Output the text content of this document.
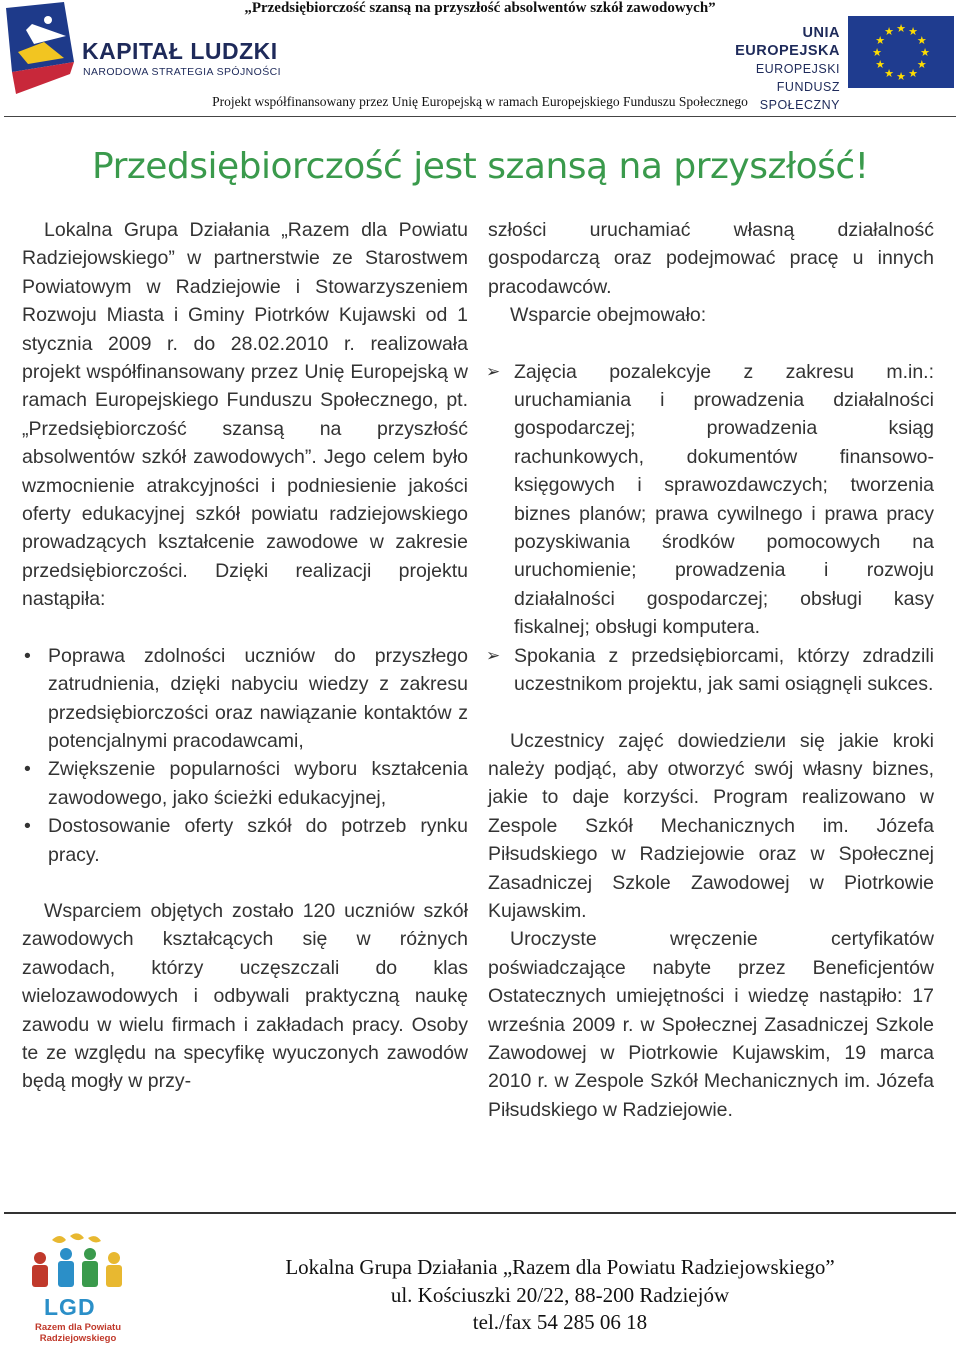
KAPITAŁ LUDZKI
NARODOWA STRATEGIA SPÓJNOŚCI
„Przedsiębiorczość szansą na przyszłość absolwentów szkół zawodowych”
UNIA EUROPEJSKA
EUROPEJSKI
FUNDUSZ SPOŁECZNY
★ ★
★
★
★
★
★
★
★
★
★
★
Projekt współfinansowany przez Unię Europejską w ramach Europejskiego Funduszu Społecznego
Przedsiębiorczość jest szansą na przyszłość!

Lokalna Grupa Działania „Razem dla Powiatu Radziejowskiego” w partnerstwie ze Starostwem Powiatowym w Radziejowie i Stowarzyszeniem Rozwoju Miasta i Gminy Piotrków Kujawski od 1 stycznia 2009 r. do 28.02.2010 r. realizowała projekt współfinansowany przez Unię Europejską w ramach Europejskiego Funduszu Społecznego, pt. „Przedsiębiorczość szansą na przyszłość absolwentów szkół zawodowych”. Jego celem było wzmocnienie atrakcyjności i podniesienie jakości oferty edukacyjnej szkół powiatu radziejowskiego prowadzących kształcenie zawodowe w zakresie przedsiębiorczości. Dzięki realizacji projektu nastąpiła:

Poprawa zdolności uczniów do przyszłego zatrudnienia, dzięki nabyciu wiedzy z zakresu przedsiębiorczości oraz nawiązanie kontaktów z potencjalnymi pracodawcami,
Zwiększenie popularności wyboru kształcenia zawodowego, jako ścieżki edukacyjnej,
Dostosowanie oferty szkół do potrzeb rynku pracy.

Wsparciem objętych zostało 120 uczniów szkół zawodowych kształcących się w różnych zawodach, którzy uczęszczali do klas wielozawodowych i odbywali praktyczną naukę zawodu w wielu firmach i zakładach pracy. Osoby te ze względu na specyfikę wyuczonych zawodów będą mogły w przy-

szłości uruchamiać własną działalność gospodarczą oraz podejmować pracę u innych pracodawców.

Wsparcie obejmowało:

Zajęcia pozalekcyje z zakresu m.in.: uruchamiania i prowadzenia działalności gospodarczej; prowadzenia ksiąg rachunkowych, dokumentów finansowo-księgowych i sprawozdawczych; tworzenia biznes planów; prawa cywilnego i prawa pracy pozyskiwania środków pomocowych na uruchomienie; prowadzenia i rozwoju działalności gospodarczej; obsługi kasy fiskalnej; obsługi komputera.
Spokania z przedsiębiorcami, którzy zdradzili uczestnikom projektu, jak sami osiągnęli sukces.

Uczestnicy zajęć dowiedziели się jakie kroki należy podjąć, aby otworzyć swój własny biznes, jakie to daje korzyści. Program realizowano w Zespole Szkół Mechanicznych im. Józefa Piłsudskiego w Radziejowie oraz w Społecznej Zasadniczej Szkole Zawodowej w Piotrkowie Kujawskim.

Uroczyste wręczenie certyfikatów poświadczające nabyte przez Beneficjentów Ostatecznych umiejętności i wiedzę nastąpiło: 17 września 2009 r. w Społecznej Zasadniczej Szkole Zawodowej w Piotrkowie Kujawskim, 19 marca 2010 r. w Zespole Szkół Mechanicznych im. Józefa Piłsudskiego w Radziejowie.

LGD
Razem dla Powiatu Radziejowskiego
Lokalna Grupa Działania „Razem dla Powiatu Radziejowskiego”
ul. Kościuszki 20/22, 88-200 Radziejów
tel./fax 54 285 06 18
